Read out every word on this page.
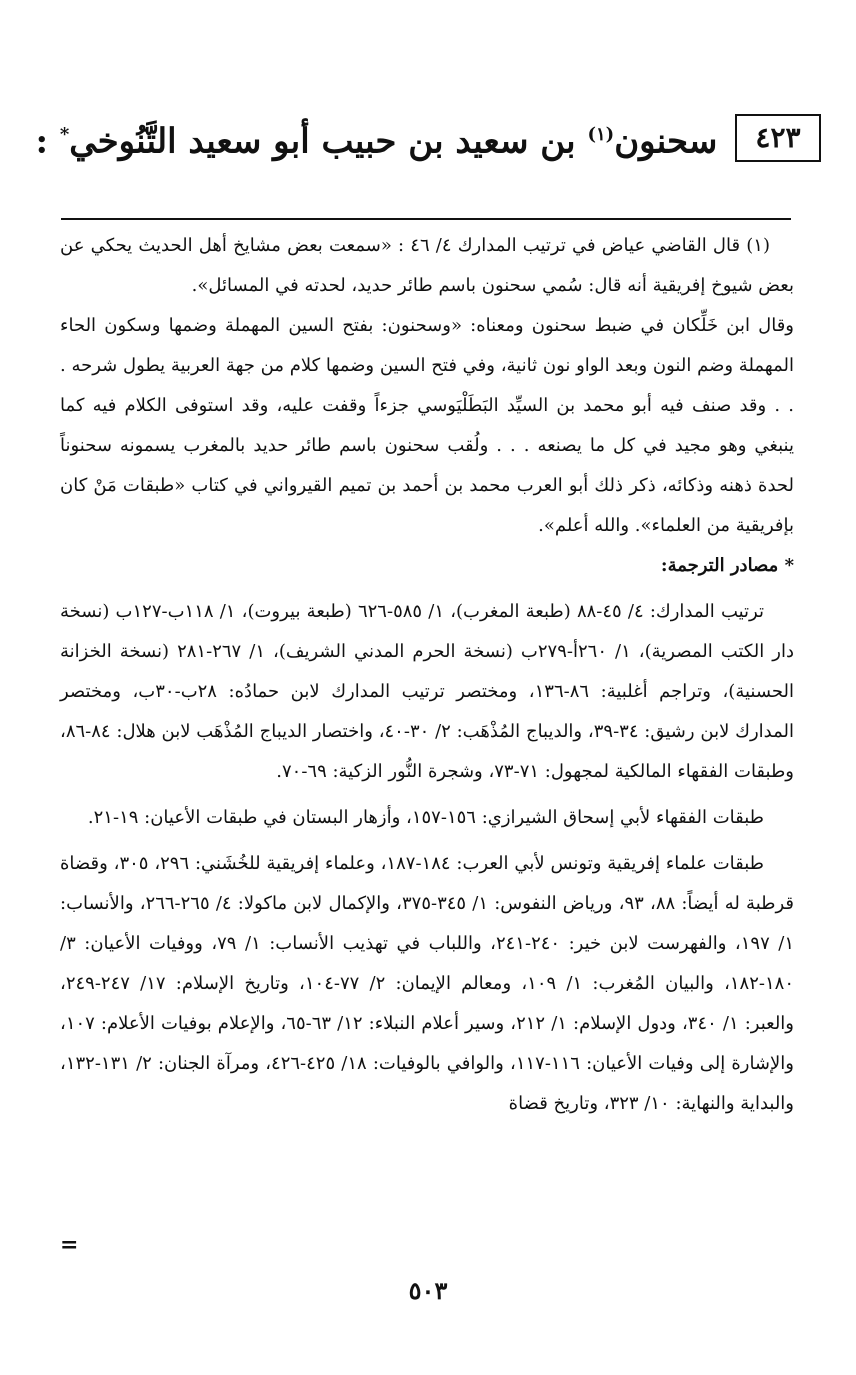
٤٢٣
سحنون$^{(١)}$ بن سعيد بن حبيب أبو سعيد التَّنُوخي* :

(١) قال القاضي عياض في ترتيب المدارك ٤/ ٤٦ : «سمعت بعض مشايخ أهل الحديث يحكي عن بعض شيوخ إفريقية أنه قال: سُمي سحنون باسم طائر حديد، لحدته في المسائل».

وقال ابن خَلِّكان في ضبط سحنون ومعناه: «وسحنون: بفتح السين المهملة وضمها وسكون الحاء المهملة وضم النون وبعد الواو نون ثانية، وفي فتح السين وضمها كلام من جهة العربية يطول شرحه . . . وقد صنف فيه أبو محمد بن السيِّد البَطَلْيَوسي جزءاً وقفت عليه، وقد استوفى الكلام فيه كما ينبغي وهو مجيد في كل ما يصنعه . . . ولُقب سحنون باسم طائر حديد بالمغرب يسمونه سحنوناً لحدة ذهنه وذكائه، ذكر ذلك أبو العرب محمد بن أحمد بن تميم القيرواني في كتاب «طبقات مَنْ كان بإفريقية من العلماء». والله أعلم».

* مصادر الترجمة:

ترتيب المدارك: ٤/ ٤٥-٨٨ (طبعة المغرب)، ١/ ٥٨٥-٦٢٦ (طبعة بيروت)، ١/ ١١٨ب-١٢٧ب (نسخة دار الكتب المصرية)، ١/ ٢٦٠أ-٢٧٩ب (نسخة الحرم المدني الشريف)، ١/ ٢٦٧-٢٨١ (نسخة الخزانة الحسنية)، وتراجم أغلبية: ٨٦-١٣٦، ومختصر ترتيب المدارك لابن حمادُه: ٢٨ب-٣٠ب، ومختصر المدارك لابن رشيق: ٣٤-٣٩، والديباج المُذْهَب: ٢/ ٣٠-٤٠، واختصار الديباج المُذْهَب لابن هلال: ٨٤-٨٦، وطبقات الفقهاء المالكية لمجهول: ٧١-٧٣، وشجرة النُّور الزكية: ٦٩-٧٠.

طبقات الفقهاء لأبي إسحاق الشيرازي: ١٥٦-١٥٧، وأزهار البستان في طبقات الأعيان: ١٩-٢١.

طبقات علماء إفريقية وتونس لأبي العرب: ١٨٤-١٨٧، وعلماء إفريقية للخُشَني: ٢٩٦، ٣٠٥، وقضاة قرطبة له أيضاً: ٨٨، ٩٣، ورياض النفوس: ١/ ٣٤٥-٣٧٥، والإكمال لابن ماكولا: ٤/ ٢٦٥-٢٦٦، والأنساب: ١/ ١٩٧، والفهرست لابن خير: ٢٤٠-٢٤١، واللباب في تهذيب الأنساب: ١/ ٧٩، ووفيات الأعيان: ٣/ ١٨٠-١٨٢، والبيان المُغرب: ١/ ١٠٩، ومعالم الإيمان: ٢/ ٧٧-١٠٤، وتاريخ الإسلام: ١٧/ ٢٤٧-٢٤٩، والعبر: ١/ ٣٤٠، ودول الإسلام: ١/ ٢١٢، وسير أعلام النبلاء: ١٢/ ٦٣-٦٥، والإعلام بوفيات الأعلام: ١٠٧، والإشارة إلى وفيات الأعيان: ١١٦-١١٧، والوافي بالوفيات: ١٨/ ٤٢٥-٤٢٦، ومرآة الجنان: ٢/ ١٣١-١٣٢، والبداية والنهاية: ١٠/ ٣٢٣، وتاريخ قضاة

=
٥٠٣
